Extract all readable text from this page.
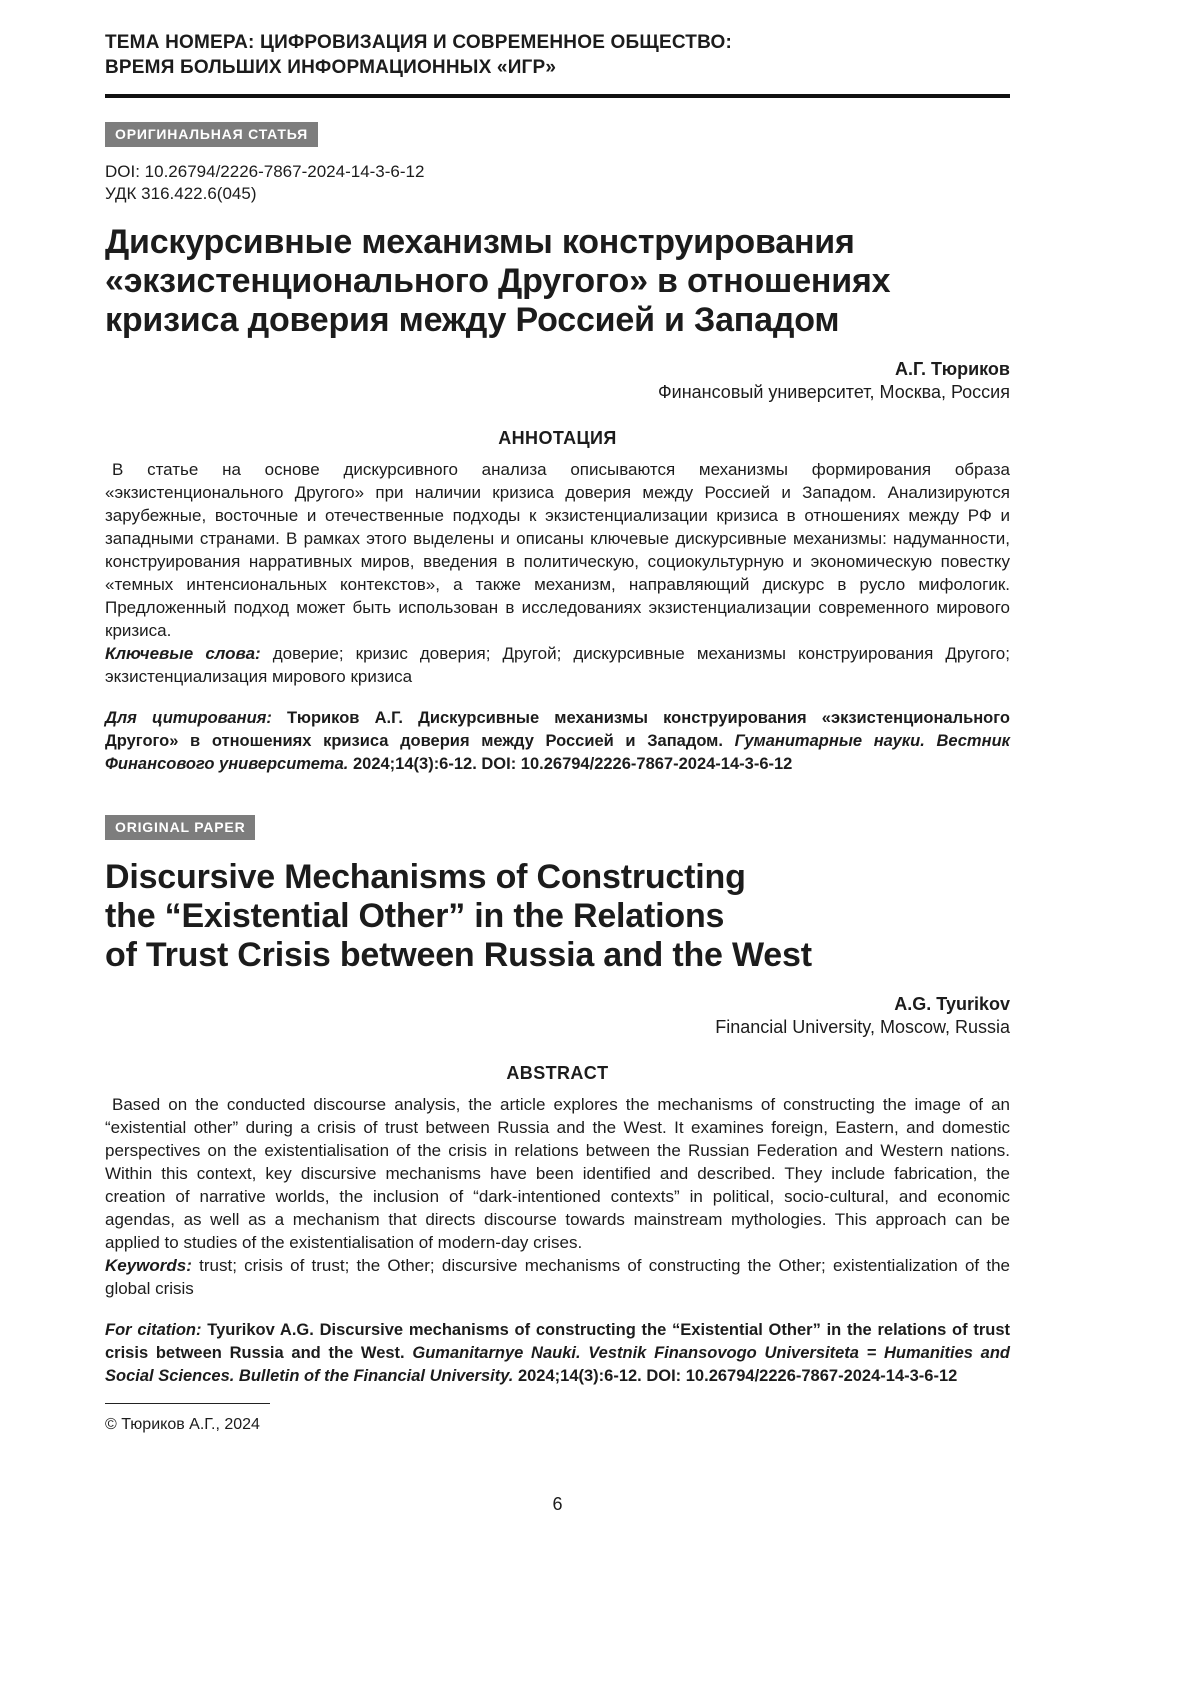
ТЕМА НОМЕРА: ЦИФРОВИЗАЦИЯ И СОВРЕМЕННОЕ ОБЩЕСТВО:
ВРЕМЯ БОЛЬШИХ ИНФОРМАЦИОННЫХ «ИГР»
ОРИГИНАЛЬНАЯ СТАТЬЯ
DOI: 10.26794/2226-7867-2024-14-3-6-12
УДК 316.422.6(045)
Дискурсивные механизмы конструирования
«экзистенционального Другого» в отношениях
кризиса доверия между Россией и Западом
А.Г. Тюриков
Финансовый университет, Москва, Россия
АННОТАЦИЯ

В статье на основе дискурсивного анализа описываются механизмы формирования образа «экзистенционального Другого» при наличии кризиса доверия между Россией и Западом. Анализируются зарубежные, восточные и отечественные подходы к экзистенциализации кризиса в отношениях между РФ и западными странами. В рамках этого выделены и описаны ключевые дискурсивные механизмы: надуманности, конструирования нарративных миров, введения в политическую, социокультурную и экономическую повестку «темных интенсиональных контекстов», а также механизм, направляющий дискурс в русло мифологик. Предложенный подход может быть использован в исследованиях экзистенциализации современного мирового кризиса.

Ключевые слова: доверие; кризис доверия; Другой; дискурсивные механизмы конструирования Другого; экзистенциализация мирового кризиса

Для цитирования: Тюриков А.Г. Дискурсивные механизмы конструирования «экзистенционального Другого» в отношениях кризиса доверия между Россией и Западом. Гуманитарные науки. Вестник Финансового университета. 2024;14(3):6-12. DOI: 10.26794/2226-7867-2024-14-3-6-12

ORIGINAL PAPER
Discursive Mechanisms of Constructing
the “Existential Other” in the Relations
of Trust Crisis between Russia and the West
A.G. Tyurikov
Financial University, Moscow, Russia
ABSTRACT

Based on the conducted discourse analysis, the article explores the mechanisms of constructing the image of an “existential other” during a crisis of trust between Russia and the West. It examines foreign, Eastern, and domestic perspectives on the existentialisation of the crisis in relations between the Russian Federation and Western nations. Within this context, key discursive mechanisms have been identified and described. They include fabrication, the creation of narrative worlds, the inclusion of “dark-intentioned contexts” in political, socio-cultural, and economic agendas, as well as a mechanism that directs discourse towards mainstream mythologies. This approach can be applied to studies of the existentialisation of modern-day crises.

Keywords: trust; crisis of trust; the Other; discursive mechanisms of constructing the Other; existentialization of the global crisis

For citation: Tyurikov A.G. Discursive mechanisms of constructing the “Existential Other” in the relations of trust crisis between Russia and the West. Gumanitarnye Nauki. Vestnik Finansovogo Universiteta = Humanities and Social Sciences. Bulletin of the Financial University. 2024;14(3):6-12. DOI: 10.26794/2226-7867-2024-14-3-6-12

© Тюриков А.Г., 2024
6
